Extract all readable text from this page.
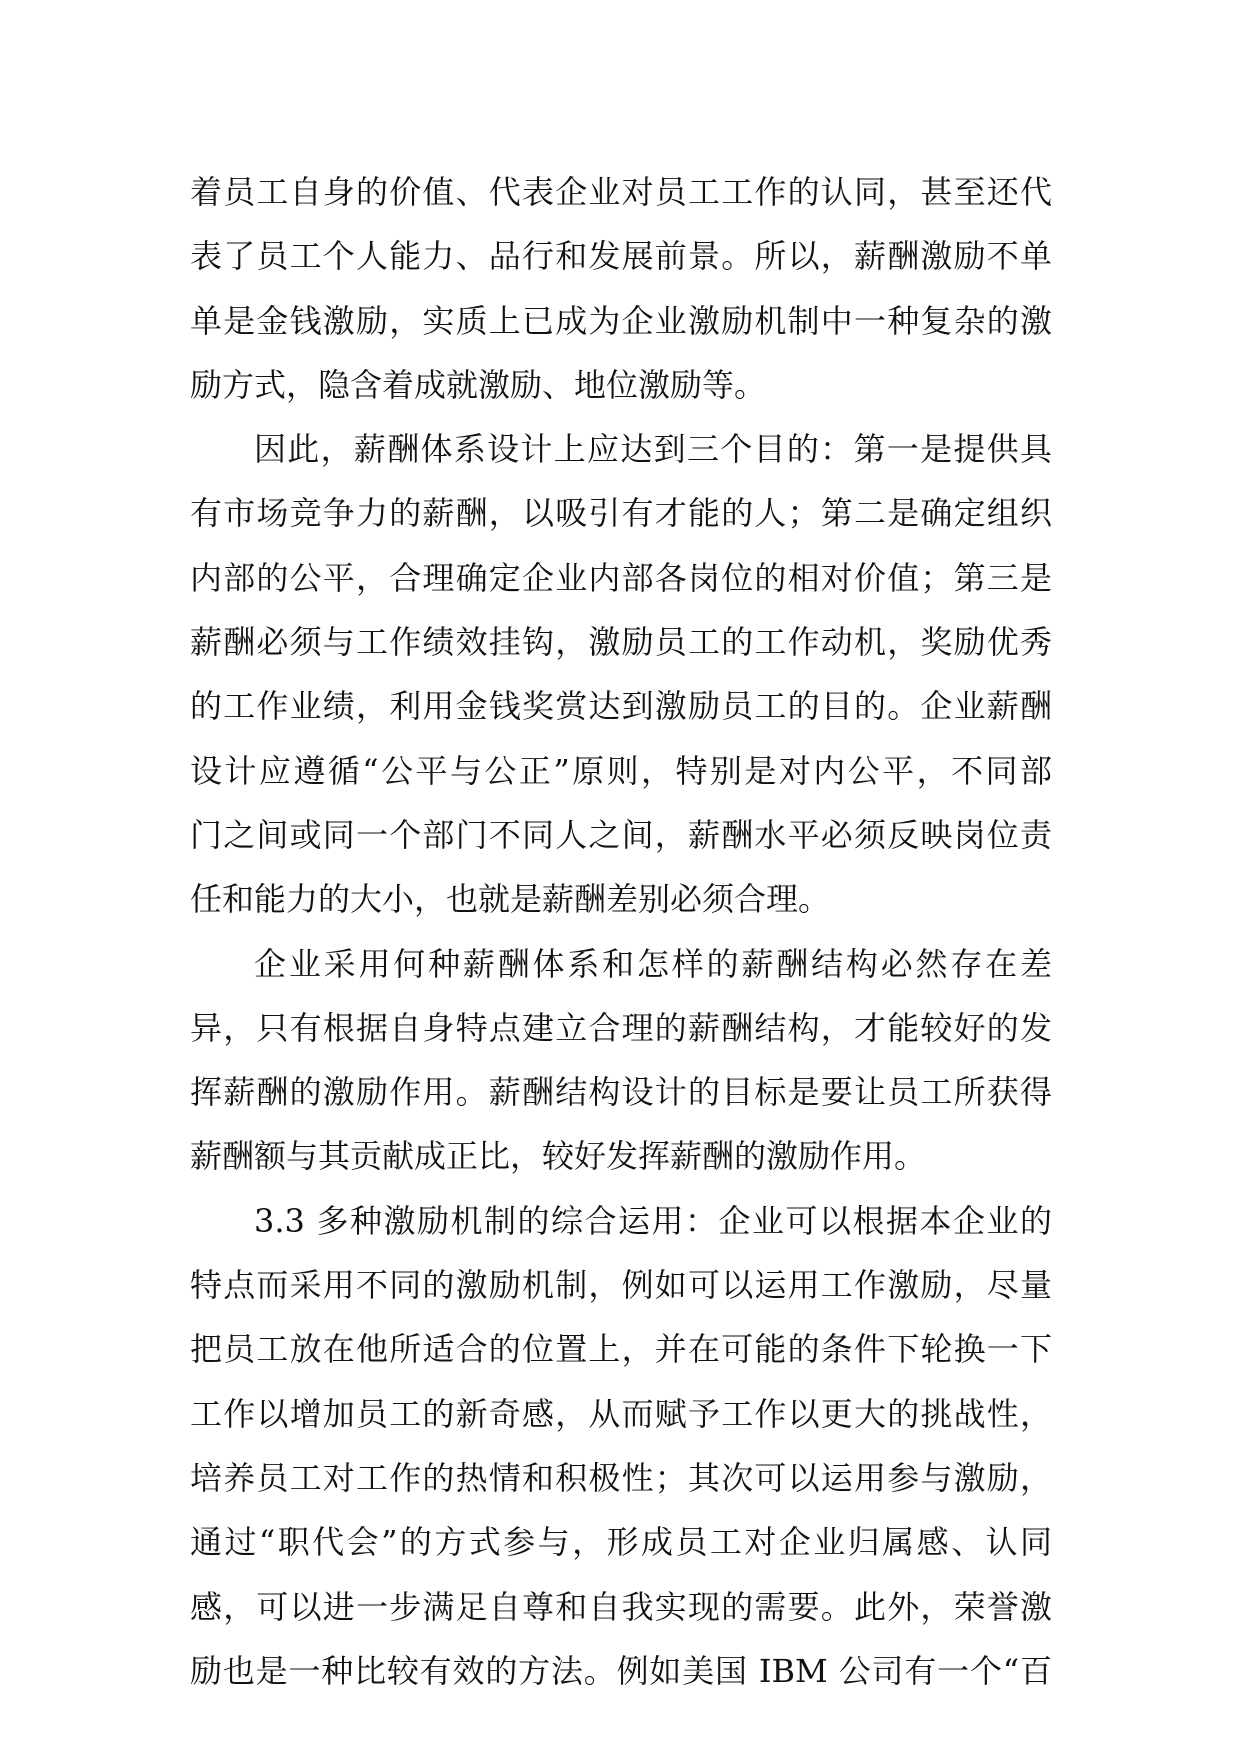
着员工自身的价值、代表企业对员工工作的认同，甚至还代
表了员工个人能力、品行和发展前景。所以，薪酬激励不单
单是金钱激励，实质上已成为企业激励机制中一种复杂的激
励方式，隐含着成就激励、地位激励等。
因此，薪酬体系设计上应达到三个目的：第一是提供具
有市场竞争力的薪酬，以吸引有才能的人；第二是确定组织
内部的公平，合理确定企业内部各岗位的相对价值；第三是
薪酬必须与工作绩效挂钩，激励员工的工作动机，奖励优秀
的工作业绩，利用金钱奖赏达到激励员工的目的。企业薪酬
设计应遵循“公平与公正”原则，特别是对内公平，不同部
门之间或同一个部门不同人之间，薪酬水平必须反映岗位责
任和能力的大小，也就是薪酬差别必须合理。
企业采用何种薪酬体系和怎样的薪酬结构必然存在差
异，只有根据自身特点建立合理的薪酬结构，才能较好的发
挥薪酬的激励作用。薪酬结构设计的目标是要让员工所获得
薪酬额与其贡献成正比，较好发挥薪酬的激励作用。
3.3 多种激励机制的综合运用：企业可以根据本企业的
特点而采用不同的激励机制，例如可以运用工作激励，尽量
把员工放在他所适合的位置上，并在可能的条件下轮换一下
工作以增加员工的新奇感，从而赋予工作以更大的挑战性，
培养员工对工作的热情和积极性；其次可以运用参与激励，
通过“职代会”的方式参与，形成员工对企业归属感、认同
感，可以进一步满足自尊和自我实现的需要。此外，荣誉激
励也是一种比较有效的方法。例如美国 IBM 公司有一个“百
